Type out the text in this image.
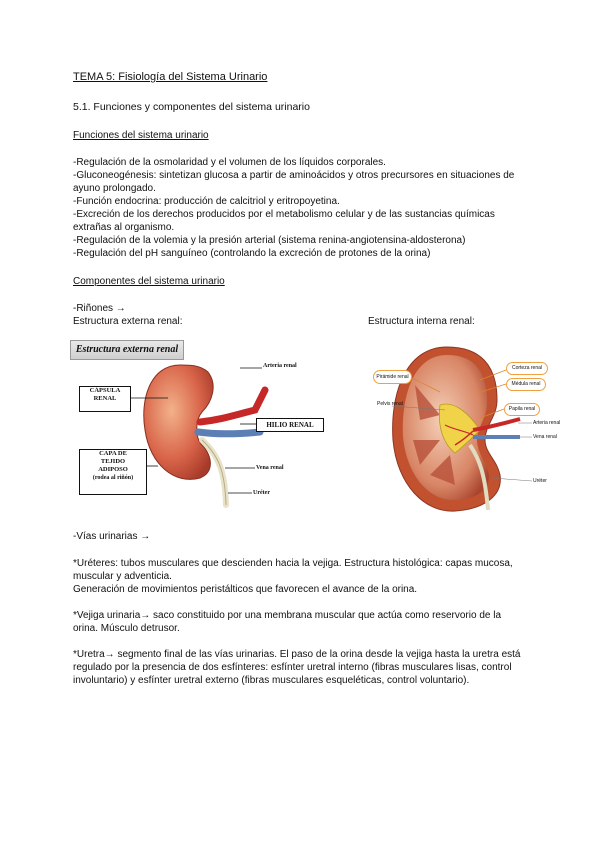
TEMA 5: Fisiología del Sistema Urinario
5.1. Funciones y componentes del sistema urinario
Funciones del sistema urinario
-Regulación de la osmolaridad y el volumen de los líquidos corporales.
-Gluconeogénesis: sintetizan glucosa a partir de aminoácidos y otros precursores en situaciones de
ayuno prolongado.
-Función endocrina: producción de calcitriol y eritropoyetina.
-Excreción de los derechos producidos por el metabolismo celular y de las sustancias químicas
extrañas al organismo.
-Regulación de la volemia y la presión arterial (sistema renina-angiotensina-aldosterona)
-Regulación del pH sanguíneo (controlando la excreción de protones de la orina)
Componentes del sistema urinario
-Riñones →
Estructura externa renal:	Estructura interna renal:
Estructura externa renal
CÁPSULA RENAL
HILIO RENAL
CAPA DE TEJIDO ADIPOSO
(rodea al riñón)
Arteria renal
Vena renal
Uréter
Pirámide renal
Pelvis renal
Corteza renal
Médula renal
Papila renal
Arteria renal
Vena renal
Uréter
-Vías urinarias →
*Uréteres: tubos musculares que descienden hacia la vejiga. Estructura histológica: capas mucosa,
muscular y adventicia.
Generación de movimientos peristálticos que favorecen el avance de la orina.
*Vejiga urinaria→ saco constituido por una membrana muscular que actúa como reservorio de la
orina. Músculo detrusor.
*Uretra→ segmento final de las vías urinarias. El paso de la orina desde la vejiga hasta la uretra está
regulado por la presencia de dos esfínteres: esfínter uretral interno (fibras musculares lisas, control
involuntario) y esfínter uretral externo (fibras musculares esqueléticas, control voluntario).
